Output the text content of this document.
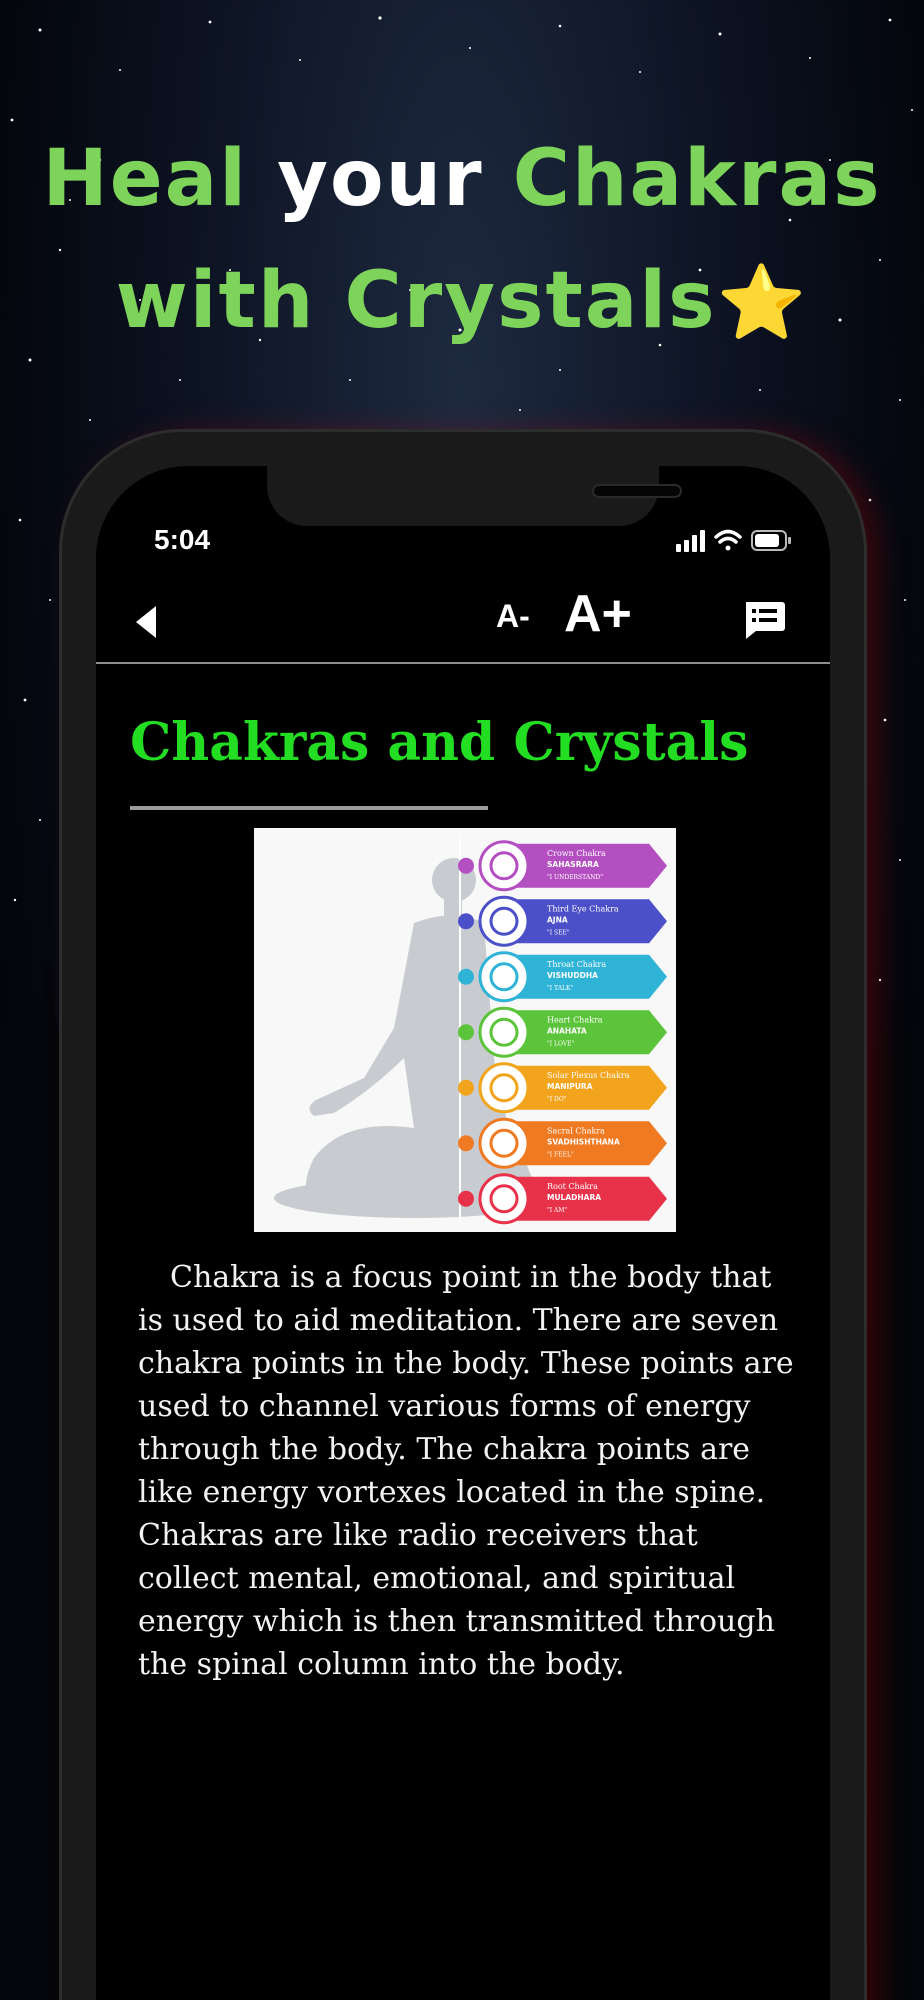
Heal your Chakras
with Crystals⭐
5:04
A- A+
Chakras and Crystals
Crown Chakra
SAHASRARA
"I UNDERSTAND"
Third Eye Chakra
AJNA
"I SEE"
Throat Chakra
VISHUDDHA
"I TALK"
Heart Chakra
ANAHATA
"I LOVE"
Solar Plexus Chakra
MANIPURA
"I DO"
Sacral Chakra
SVADHISHTHANA
"I FEEL"
Root Chakra
MULADHARA
"I AM"
Chakra is a focus point in the body that is used to aid meditation. There are seven chakra points in the body. These points are used to channel various forms of energy through the body. The chakra points are like energy vortexes located in the spine. Chakras are like radio receivers that collect mental, emotional, and spiritual energy which is then transmitted through the spinal column into the body.
